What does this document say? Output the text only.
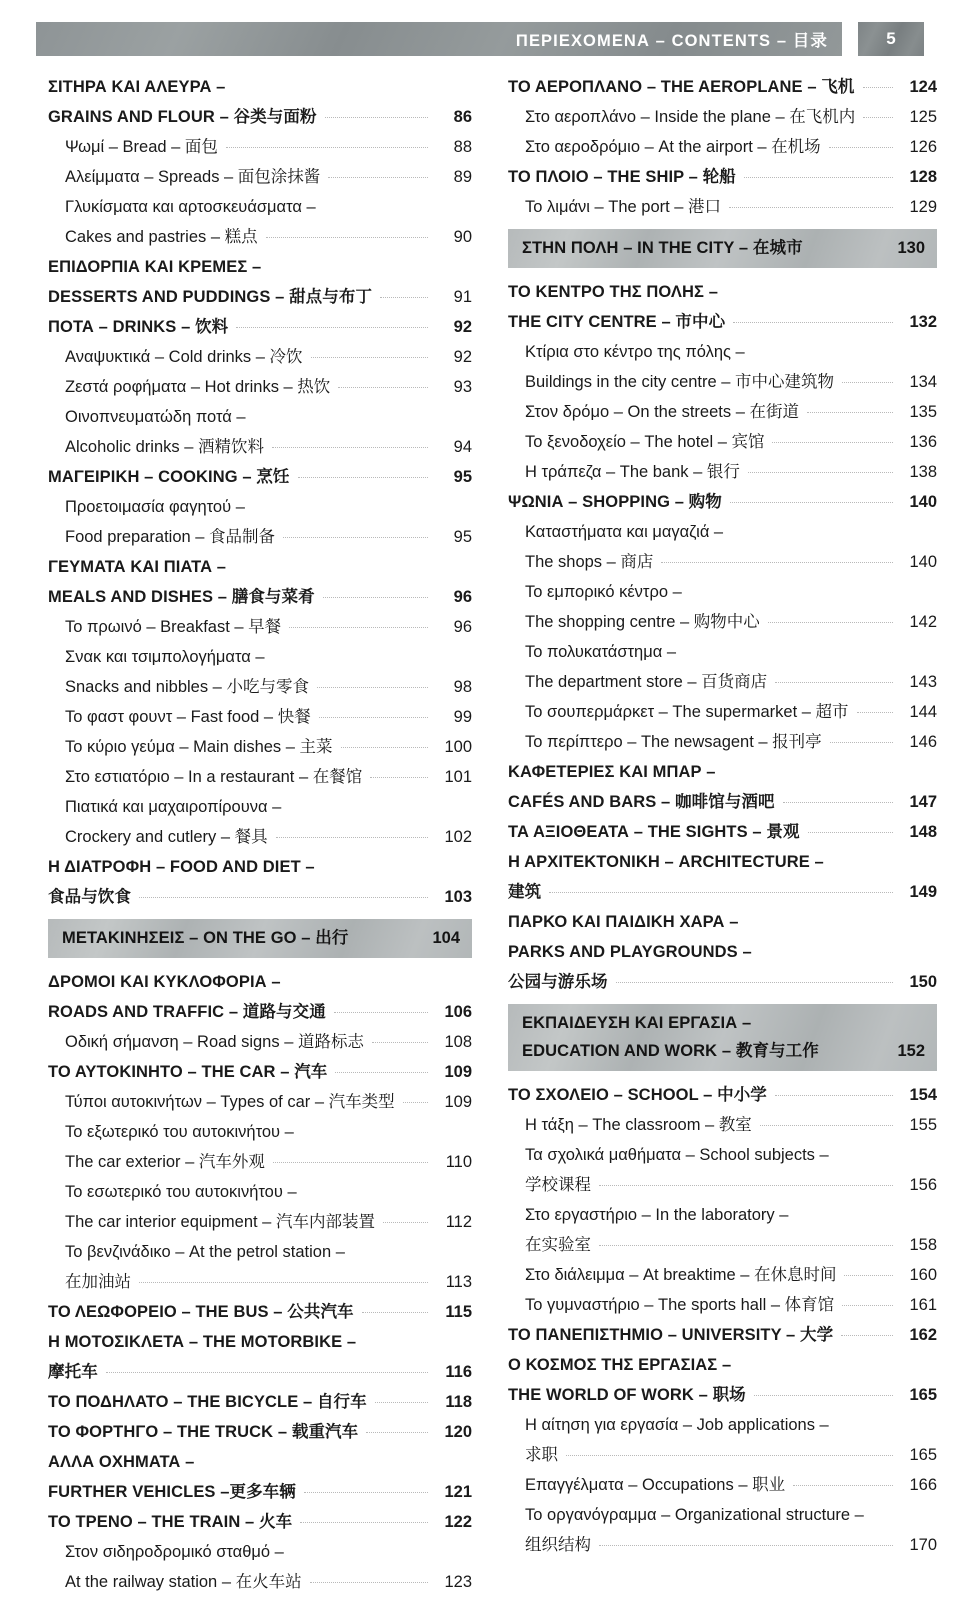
ΠΕΡΙΕΧΟΜΕΝΑ – CONTENTS – 目录	5
ΣΙΤΗΡΑ ΚΑΙ ΑΛΕΥΡΑ –
GRAINS AND FLOUR – 谷类与面粉	86
Ψωμί – Bread – 面包	88
Αλείμματα – Spreads – 面包涂抹酱	89
Γλυκίσματα και αρτοσκευάσματα –
Cakes and pastries – 糕点	90
ΕΠΙΔΟΡΠΙΑ ΚΑΙ ΚΡΕΜΕΣ –
DESSERTS AND PUDDINGS – 甜点与布丁	91
ΠΟΤΑ – DRINKS – 饮料	92
Αναψυκτικά – Cold drinks – 冷饮	92
Ζεστά ροφήματα – Hot drinks – 热饮	93
Οινοπνευματώδη ποτά –
Alcoholic drinks – 酒精饮料	94
ΜΑΓΕΙΡΙΚΗ – COOKING – 烹饪	95
Προετοιμασία φαγητού –
Food preparation – 食品制备	95
ΓΕΥΜΑΤΑ ΚΑΙ ΠΙΑΤΑ –
MEALS AND DISHES – 膳食与菜肴	96
Το πρωινό – Breakfast – 早餐	96
Σνακ και τσιμπολογήματα –
Snacks and nibbles – 小吃与零食	98
Το φαστ φουντ – Fast food – 快餐	99
Το κύριο γεύμα – Main dishes – 主菜	100
Στο εστιατόριο – In a restaurant – 在餐馆	101
Πιατικά και μαχαιροπίρουνα –
Crockery and cutlery – 餐具	102
Η ΔΙΑΤΡΟΦΗ – FOOD AND DIET –
食品与饮食	103
ΜΕΤΑΚΙΝΗΣΕΙΣ – ON THE GO – 出行	104
ΔΡΟΜΟΙ ΚΑΙ ΚΥΚΛΟΦΟΡΙΑ –
ROADS AND TRAFFIC – 道路与交通	106
Οδική σήμανση – Road signs – 道路标志	108
ΤΟ ΑΥΤΟΚΙΝΗΤΟ – THE CAR – 汽车	109
Τύποι αυτοκινήτων – Types of car – 汽车类型	109
Το εξωτερικό του αυτοκινήτου –
The car exterior – 汽车外观	110
Το εσωτερικό του αυτοκινήτου –
The car interior equipment – 汽车内部装置	112
Το βενζινάδικο – At the petrol station –
在加油站	113
ΤΟ ΛΕΩΦΟΡΕΙΟ – THE BUS – 公共汽车	115
Η ΜΟΤΟΣΙΚΛΕΤΑ – THE MOTORBIKE –
摩托车	116
ΤΟ ΠΟΔΗΛΑΤΟ – THE BICYCLE – 自行车	118
ΤΟ ΦΟΡΤΗΓΟ – THE TRUCK – 载重汽车	120
ΑΛΛΑ ΟΧΗΜΑΤΑ –
FURTHER VEHICLES –更多车辆	121
ΤΟ ΤΡΕΝΟ – THE TRAIN – 火车	122
Στον σιδηροδρομικό σταθμό –
At the railway station – 在火车站	123
ΤΟ ΑΕΡΟΠΛΑΝΟ – THE AEROPLANE – 飞机	124
Στο αεροπλάνο – Inside the plane – 在飞机内	125
Στο αεροδρόμιο – At the airport – 在机场	126
ΤΟ ΠΛΟΙΟ – THE SHIP – 轮船	128
Το λιμάνι – The port – 港口	129
ΣΤΗΝ ΠΟΛΗ – IN THE CITY – 在城市	130
ΤΟ ΚΕΝΤΡΟ ΤΗΣ ΠΟΛΗΣ –
THE CITY CENTRE – 市中心	132
Κτίρια στο κέντρο της πόλης –
Buildings in the city centre – 市中心建筑物	134
Στον δρόμο – On the streets – 在街道	135
Το ξενοδοχείο – The hotel – 宾馆	136
Η τράπεζα – The bank – 银行	138
ΨΩΝΙΑ – SHOPPING – 购物	140
Καταστήματα και μαγαζιά –
The shops – 商店	140
Το εμπορικό κέντρο –
The shopping centre – 购物中心	142
Το πολυκατάστημα –
The department store – 百货商店	143
Το σουπερμάρκετ – The supermarket – 超市	144
Το περίπτερο – The newsagent – 报刊亭	146
ΚΑΦΕΤΕΡΙΕΣ ΚΑΙ ΜΠΑΡ –
CAFÉS AND BARS – 咖啡馆与酒吧	147
ΤΑ ΑΞΙΟΘΕΑΤΑ – THE SIGHTS – 景观	148
Η ΑΡΧΙΤΕΚΤΟΝΙΚΗ – ARCHITECTURE –
建筑	149
ΠΑΡΚΟ ΚΑΙ ΠΑΙΔΙΚΗ ΧΑΡΑ –
PARKS AND PLAYGROUNDS –
公园与游乐场	150
ΕΚΠΑΙΔΕΥΣΗ ΚΑΙ ΕΡΓΑΣΙΑ –
EDUCATION AND WORK – 教育与工作	152
ΤΟ ΣΧΟΛΕΙΟ – SCHOOL – 中小学	154
Η τάξη – The classroom – 教室	155
Τα σχολικά μαθήματα – School subjects –
学校课程	156
Στο εργαστήριο – In the laboratory –
在实验室	158
Στο διάλειμμα – At breaktime – 在休息时间	160
Το γυμναστήριο – The sports hall – 体育馆	161
ΤΟ ΠΑΝΕΠΙΣΤΗΜΙΟ – UNIVERSITY – 大学	162
Ο ΚΟΣΜΟΣ ΤΗΣ ΕΡΓΑΣΙΑΣ –
THE WORLD OF WORK – 职场	165
Η αίτηση για εργασία – Job applications –
求职	165
Επαγγέλματα – Occupations – 职业	166
Το οργανόγραμμα – Organizational structure –
组织结构	170
